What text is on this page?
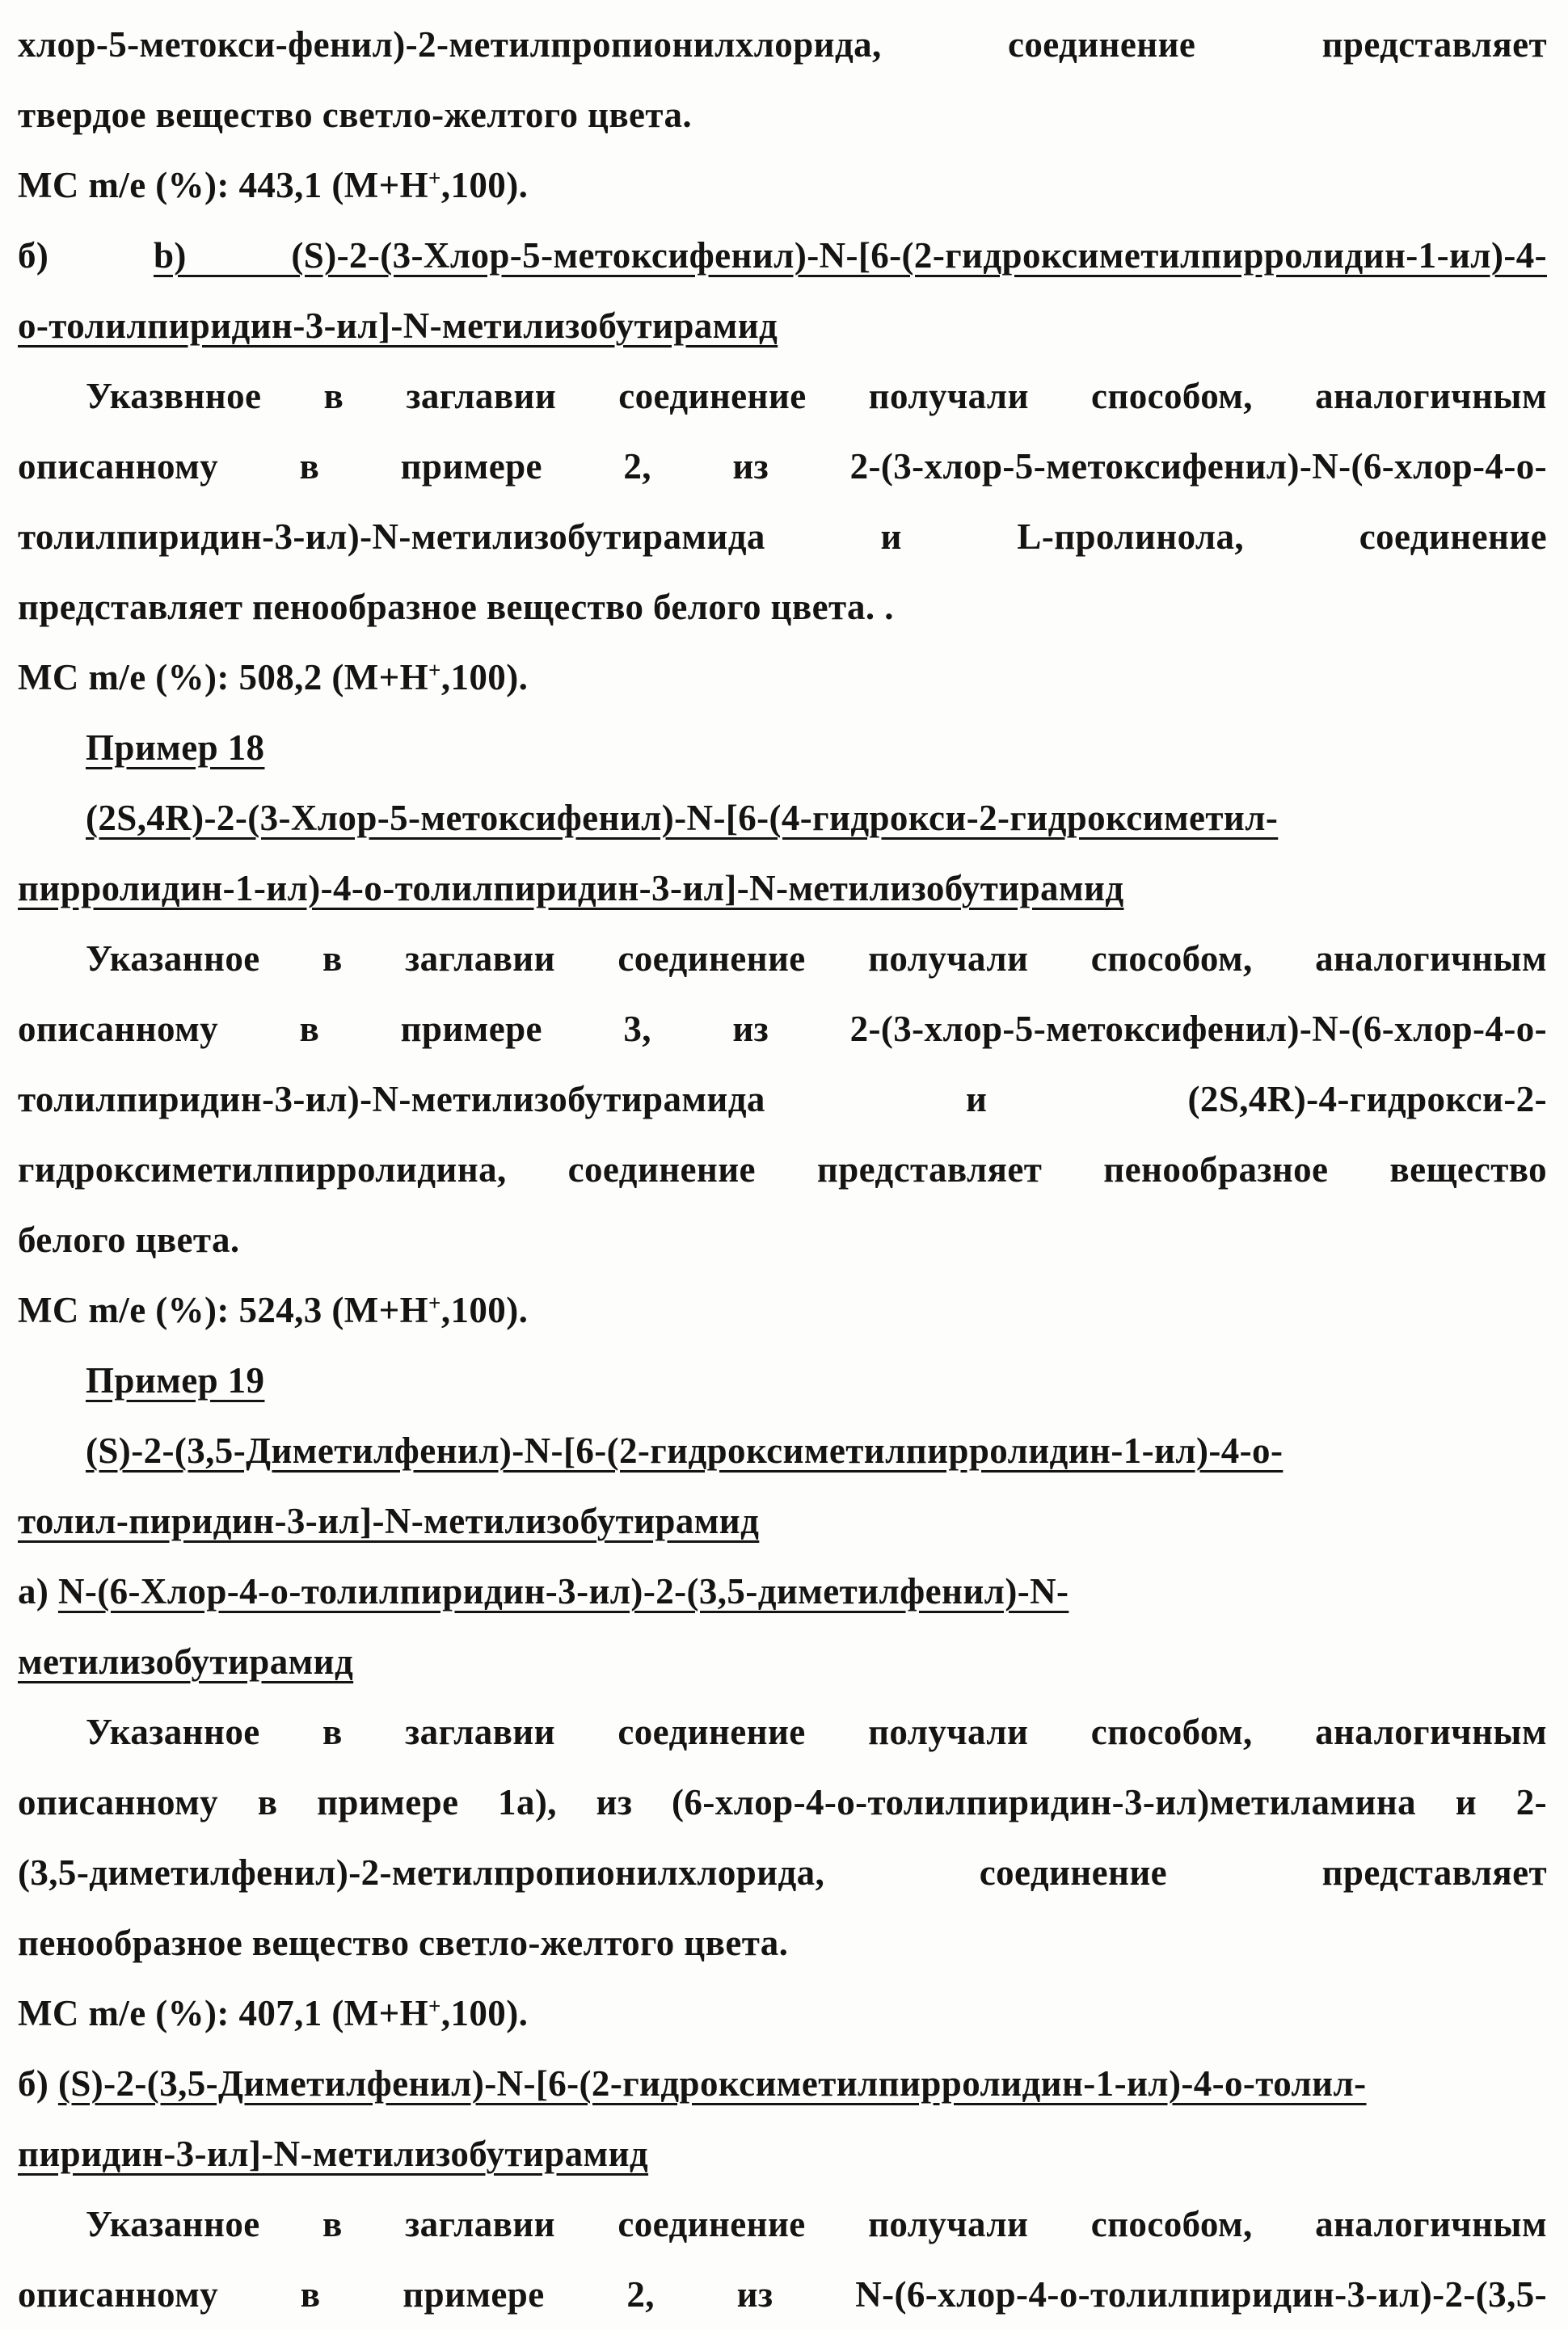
хлор-5-метокси-фенил)-2-метилпропионилхлорида, соединение представляет
твердое вещество светло-желтого цвета.
МС m/e (%): 443,1 (М+Н+,100).
б) b) (S)-2-(3-Хлор-5-метоксифенил)-N-[6-(2-гидроксиметилпирролидин-1-ил)-4-
о-толилпиридин-3-ил]-N-метилизобутирамид
Указвнное в заглавии соединение получали способом, аналогичным
описанному в примере 2, из 2-(3-хлор-5-метоксифенил)-N-(6-хлор-4-о-
толилпиридин-3-ил)-N-метилизобутирамида и L-пролинола, соединение
представляет пенообразное вещество белого цвета. .
МС m/e (%): 508,2 (М+Н+,100).
Пример 18
(2S,4R)-2-(3-Хлор-5-метоксифенил)-N-[6-(4-гидрокси-2-гидроксиметил-
пирролидин-1-ил)-4-о-толилпиридин-3-ил]-N-метилизобутирамид
Указанное в заглавии соединение получали способом, аналогичным
описанному в примере 3, из 2-(3-хлор-5-метоксифенил)-N-(6-хлор-4-о-
толилпиридин-3-ил)-N-метилизобутирамида и (2S,4R)-4-гидрокси-2-
гидроксиметилпирролидина, соединение представляет пенообразное вещество
белого цвета.
МС m/e (%): 524,3 (М+Н+,100).
Пример 19
(S)-2-(3,5-Диметилфенил)-N-[6-(2-гидроксиметилпирролидин-1-ил)-4-о-
толил-пиридин-3-ил]-N-метилизобутирамид
а) N-(6-Хлор-4-о-толилпиридин-3-ил)-2-(3,5-диметилфенил)-N-
метилизобутирамид
Указанное в заглавии соединение получали способом, аналогичным
описанному в примере 1а), из (6-хлор-4-о-толилпиридин-3-ил)метиламина и 2-
(3,5-диметилфенил)-2-метилпропионилхлорида, соединение представляет
пенообразное вещество светло-желтого цвета.
МС m/e (%): 407,1 (М+Н+,100).
б) (S)-2-(3,5-Диметилфенил)-N-[6-(2-гидроксиметилпирролидин-1-ил)-4-о-толил-
пиридин-3-ил]-N-метилизобутирамид
Указанное в заглавии соединение получали способом, аналогичным
описанному в примере 2, из N-(6-хлор-4-о-толилпиридин-3-ил)-2-(3,5-
